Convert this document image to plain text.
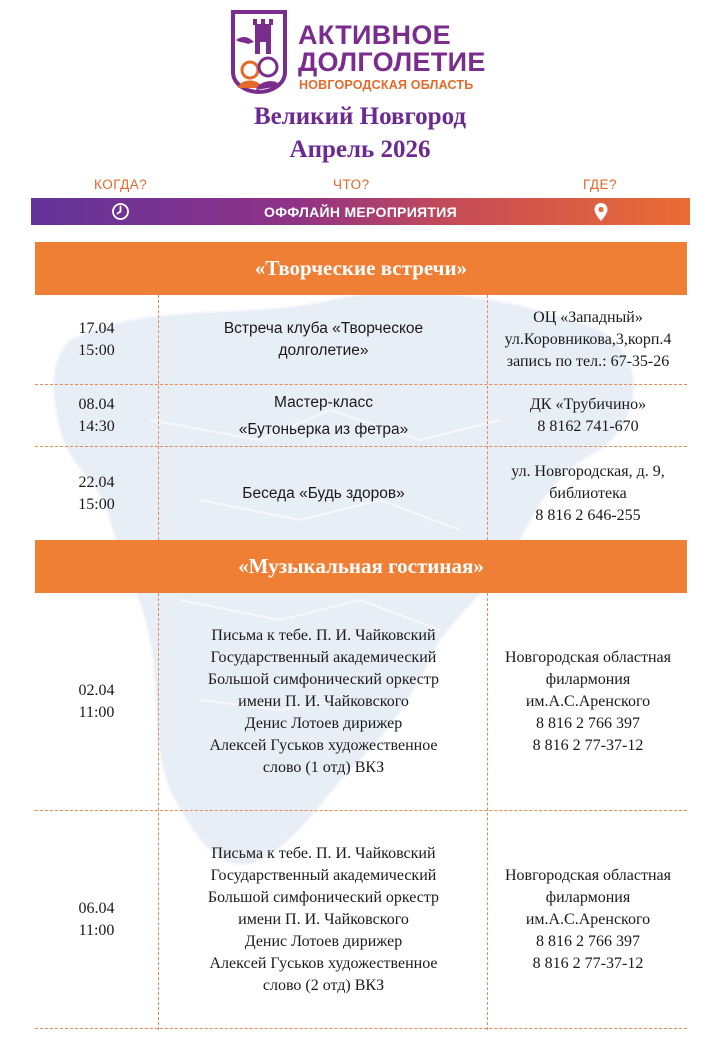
АКТИВНОЕ
ДОЛГОЛЕТИЕ
НОВГОРОДСКАЯ ОБЛАСТЬ
Великий Новгород
Апрель 2026
КОГДА?	ЧТО?	ГДЕ?
ОФФЛАЙН МЕРОПРИЯТИЯ
«Творческие встречи»
17.04
15:00
Встреча клуба «Творческое
долголетие»
ОЦ «Западный»
ул.Коровникова,3,корп.4
запись по тел.: 67-35-26
08.04
14:30
Мастер-класс
«Бутоньерка из фетра»
ДК «Трубичино»
8 8162 741-670
22.04
15:00
Беседа «Будь здоров»
ул. Новгородская, д. 9,
библиотека
8 816 2 646-255
«Музыкальная гостиная»
02.04
11:00
Письма к тебе. П. И. Чайковский
Государственный академический
Большой симфонический оркестр
имени П. И. Чайковского
Денис Лотоев дирижер
Алексей Гуськов художественное
слово (1 отд) ВКЗ
Новгородская областная
филармония
им.А.С.Аренского
8 816 2 766 397
8 816 2 77-37-12
06.04
11:00
Письма к тебе. П. И. Чайковский
Государственный академический
Большой симфонический оркестр
имени П. И. Чайковского
Денис Лотоев дирижер
Алексей Гуськов художественное
слово (2 отд) ВКЗ
Новгородская областная
филармония
им.А.С.Аренского
8 816 2 766 397
8 816 2 77-37-12
